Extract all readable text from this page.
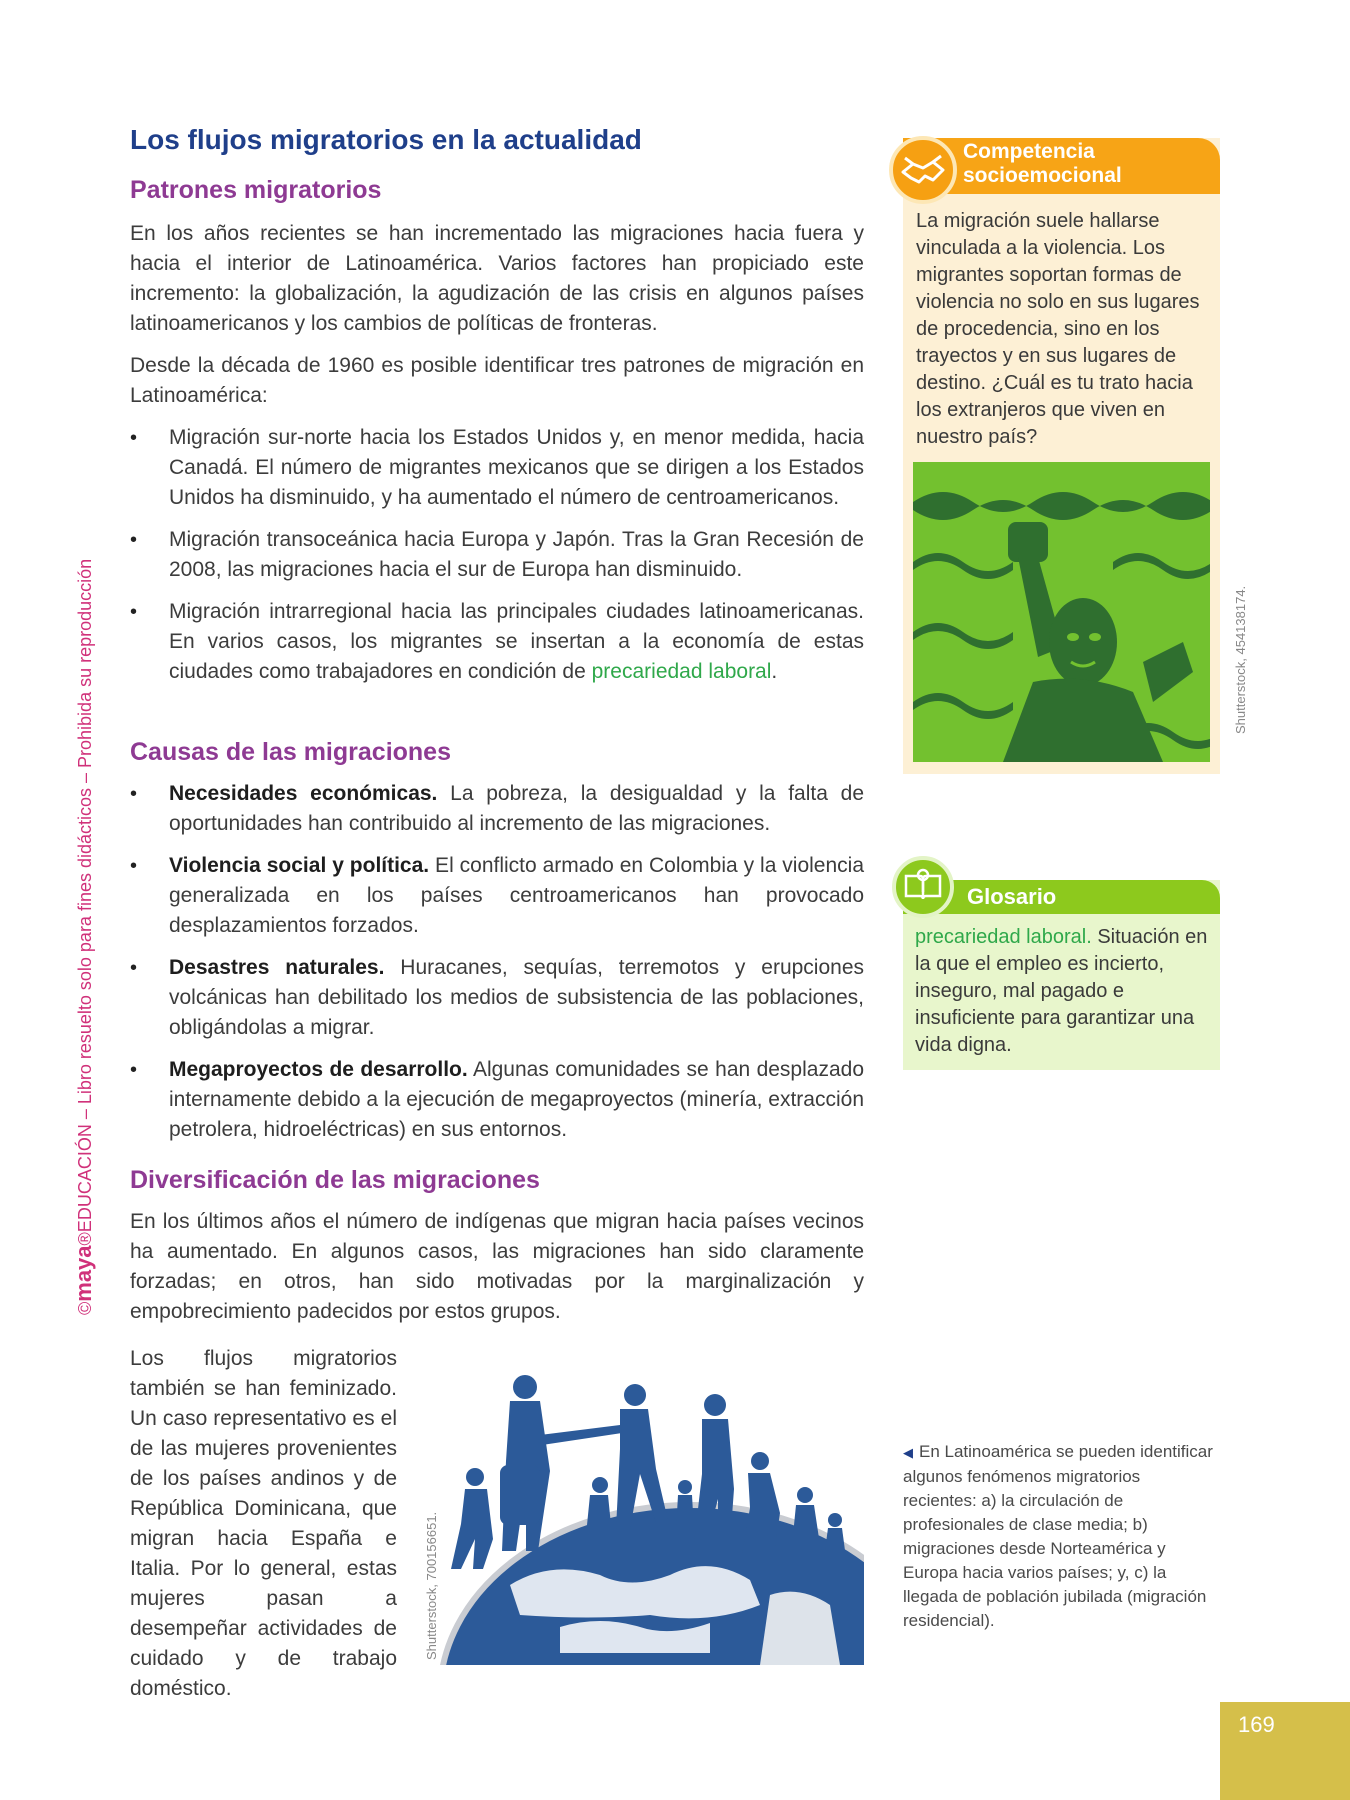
©maya®EDUCACIÓN – Libro resuelto solo para fines didácticos – Prohibida su reproducción
Los flujos migratorios en la actualidad
Patrones migratorios

En los años recientes se han incrementado las migraciones hacia fuera y hacia el interior de Latinoamérica. Varios factores han propiciado este incremento: la globalización, la agudización de las crisis en algunos países latinoamericanos y los cambios de políticas de fronteras.

Desde la década de 1960 es posible identificar tres patrones de migración en Latinoamérica:

• Migración sur-norte hacia los Estados Unidos y, en menor medida, hacia Canadá. El número de migrantes mexicanos que se dirigen a los Estados Unidos ha disminuido, y ha aumentado el número de centroamericanos.
• Migración transoceánica hacia Europa y Japón. Tras la Gran Recesión de 2008, las migraciones hacia el sur de Europa han disminuido.
• Migración intrarregional hacia las principales ciudades latinoamericanas. En varios casos, los migrantes se insertan a la economía de estas ciudades como trabajadores en condición de precariedad laboral.
Causas de las migraciones
• Necesidades económicas. La pobreza, la desigualdad y la falta de oportunidades han contribuido al incremento de las migraciones.
• Violencia social y política. El conflicto armado en Colombia y la violencia generalizada en los países centroamericanos han provocado desplazamientos forzados.
• Desastres naturales. Huracanes, sequías, terremotos y erupciones volcánicas han debilitado los medios de subsistencia de las poblaciones, obligándolas a migrar.
• Megaproyectos de desarrollo. Algunas comunidades se han desplazado internamente debido a la ejecución de megaproyectos (minería, extracción petrolera, hidroeléctricas) en sus entornos.
Diversificación de las migraciones

En los últimos años el número de indígenas que migran hacia países vecinos ha aumentado. En algunos casos, las migraciones han sido claramente forzadas; en otros, han sido motivadas por la marginalización y empobrecimiento padecidos por estos grupos.

Los flujos migratorios también se han feminizado. Un caso representativo es el de las mujeres provenientes de los países andinos y de República Dominicana, que migran hacia España e Italia. Por lo general, estas mujeres pasan a desempeñar actividades de cuidado y de trabajo doméstico.
Shutterstock, 700156651.
Competencia
socioemocional
La migración suele hallarse vinculada a la violencia. Los migrantes soportan formas de violencia no solo en sus lugares de procedencia, sino en los trayectos y en sus lugares de destino. ¿Cuál es tu trato hacia los extranjeros que viven en nuestro país?
Shutterstock, 454138174.
Glosario
precariedad laboral. Situación en la que el empleo es incierto, inseguro, mal pagado e insuficiente para garantizar una vida digna.
◀ En Latinoamérica se pueden identificar algunos fenómenos migratorios recientes: a) la circulación de profesionales de clase media; b) migraciones desde Norteamérica y Europa hacia varios países; y, c) la llegada de población jubilada (migración residencial).
169
